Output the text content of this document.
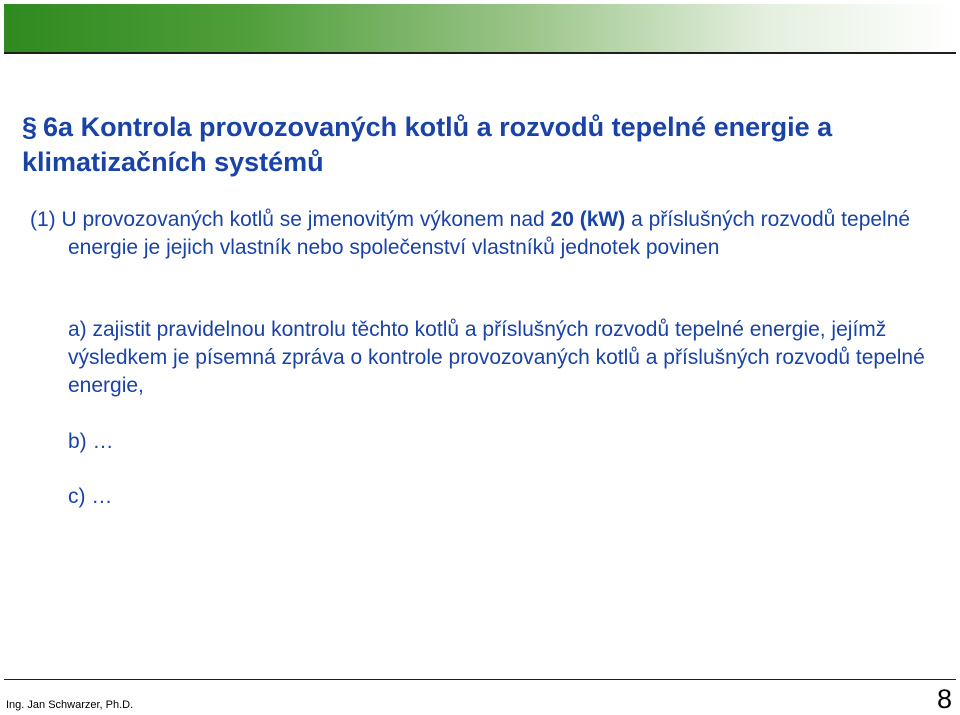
§ 6a Kontrola provozovaných kotlů a rozvodů tepelné energie a klimatizačních systémů
(1) U provozovaných kotlů se jmenovitým výkonem nad 20 (kW) a příslušných rozvodů tepelné energie je jejich vlastník nebo společenství vlastníků jednotek povinen
a) zajistit pravidelnou kontrolu těchto kotlů a příslušných rozvodů tepelné energie, jejímž výsledkem je písemná zpráva o kontrole provozovaných kotlů a příslušných rozvodů tepelné energie,
b) …
c) …
Ing. Jan Schwarzer, Ph.D.	8
